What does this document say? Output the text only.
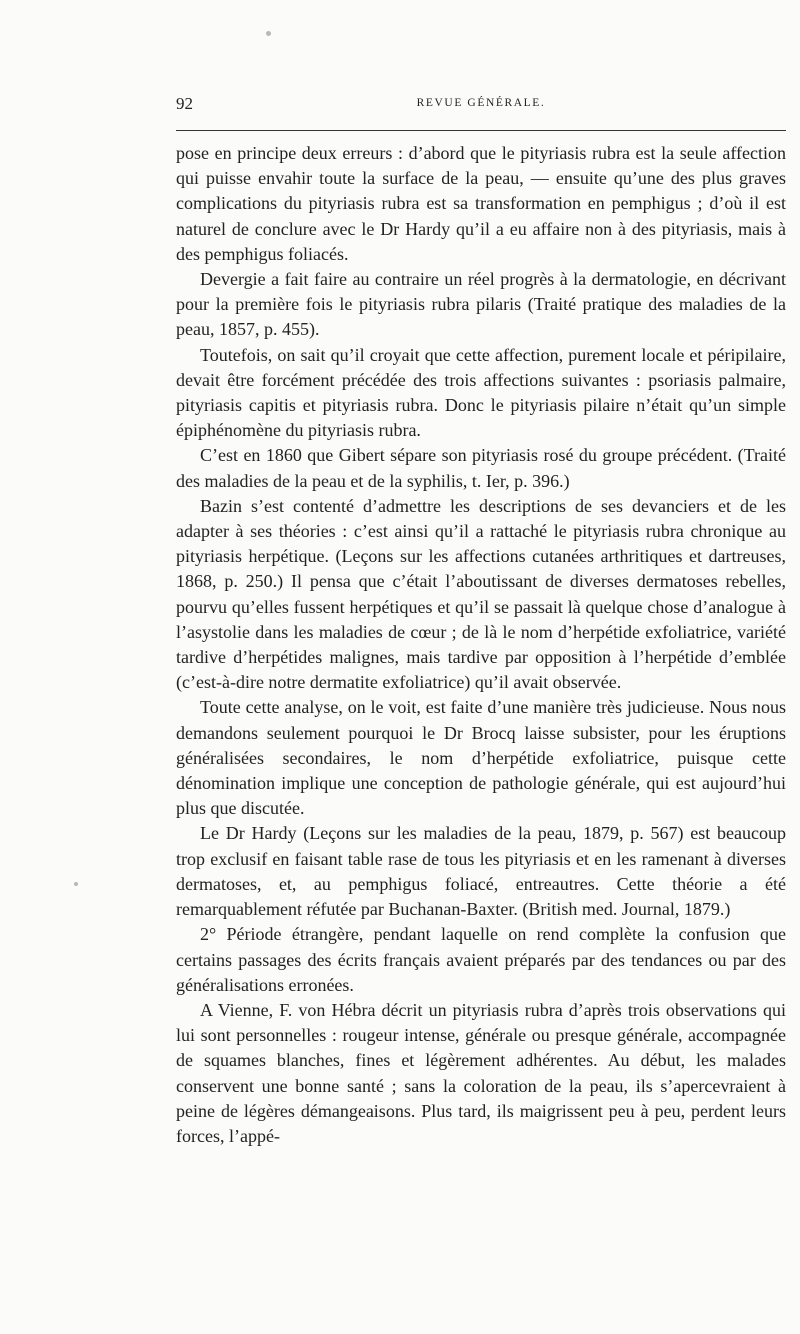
92	REVUE GÉNÉRALE.

pose en principe deux erreurs : d’abord que le pityriasis rubra est la seule affection qui puisse envahir toute la surface de la peau, — ensuite qu’une des plus graves complications du pityriasis rubra est sa transformation en pemphigus ; d’où il est naturel de conclure avec le Dr Hardy qu’il a eu affaire non à des pityriasis, mais à des pemphigus foliacés.

Devergie a fait faire au contraire un réel progrès à la dermatologie, en décrivant pour la première fois le pityriasis rubra pilaris (Traité pratique des maladies de la peau, 1857, p. 455).

Toutefois, on sait qu’il croyait que cette affection, purement locale et péripilaire, devait être forcément précédée des trois affections suivantes : psoriasis palmaire, pityriasis capitis et pityriasis rubra. Donc le pityriasis pilaire n’était qu’un simple épiphénomène du pityriasis rubra.

C’est en 1860 que Gibert sépare son pityriasis rosé du groupe précédent. (Traité des maladies de la peau et de la syphilis, t. Ier, p. 396.)

Bazin s’est contenté d’admettre les descriptions de ses devanciers et de les adapter à ses théories : c’est ainsi qu’il a rattaché le pityriasis rubra chronique au pityriasis herpétique. (Leçons sur les affections cutanées arthritiques et dartreuses, 1868, p. 250.) Il pensa que c’était l’aboutissant de diverses dermatoses rebelles, pourvu qu’elles fussent herpétiques et qu’il se passait là quelque chose d’analogue à l’asystolie dans les maladies de cœur ; de là le nom d’herpétide exfoliatrice, variété tardive d’herpétides malignes, mais tardive par opposition à l’herpétide d’emblée (c’est-à-dire notre dermatite exfoliatrice) qu’il avait observée.

Toute cette analyse, on le voit, est faite d’une manière très judicieuse. Nous nous demandons seulement pourquoi le Dr Brocq laisse subsister, pour les éruptions généralisées secondaires, le nom d’herpétide exfoliatrice, puisque cette dénomination implique une conception de pathologie générale, qui est aujourd’hui plus que discutée.

Le Dr Hardy (Leçons sur les maladies de la peau, 1879, p. 567) est beaucoup trop exclusif en faisant table rase de tous les pityriasis et en les ramenant à diverses dermatoses, et, au pemphigus foliacé, entreautres. Cette théorie a été remarquablement réfutée par Buchanan-Baxter. (British med. Journal, 1879.)

2° Période étrangère, pendant laquelle on rend complète la confusion que certains passages des écrits français avaient préparés par des tendances ou par des généralisations erronées.

A Vienne, F. von Hébra décrit un pityriasis rubra d’après trois observations qui lui sont personnelles : rougeur intense, générale ou presque générale, accompagnée de squames blanches, fines et légèrement adhérentes. Au début, les malades conservent une bonne santé ; sans la coloration de la peau, ils s’apercevraient à peine de légères démangeaisons. Plus tard, ils maigrissent peu à peu, perdent leurs forces, l’appé-
